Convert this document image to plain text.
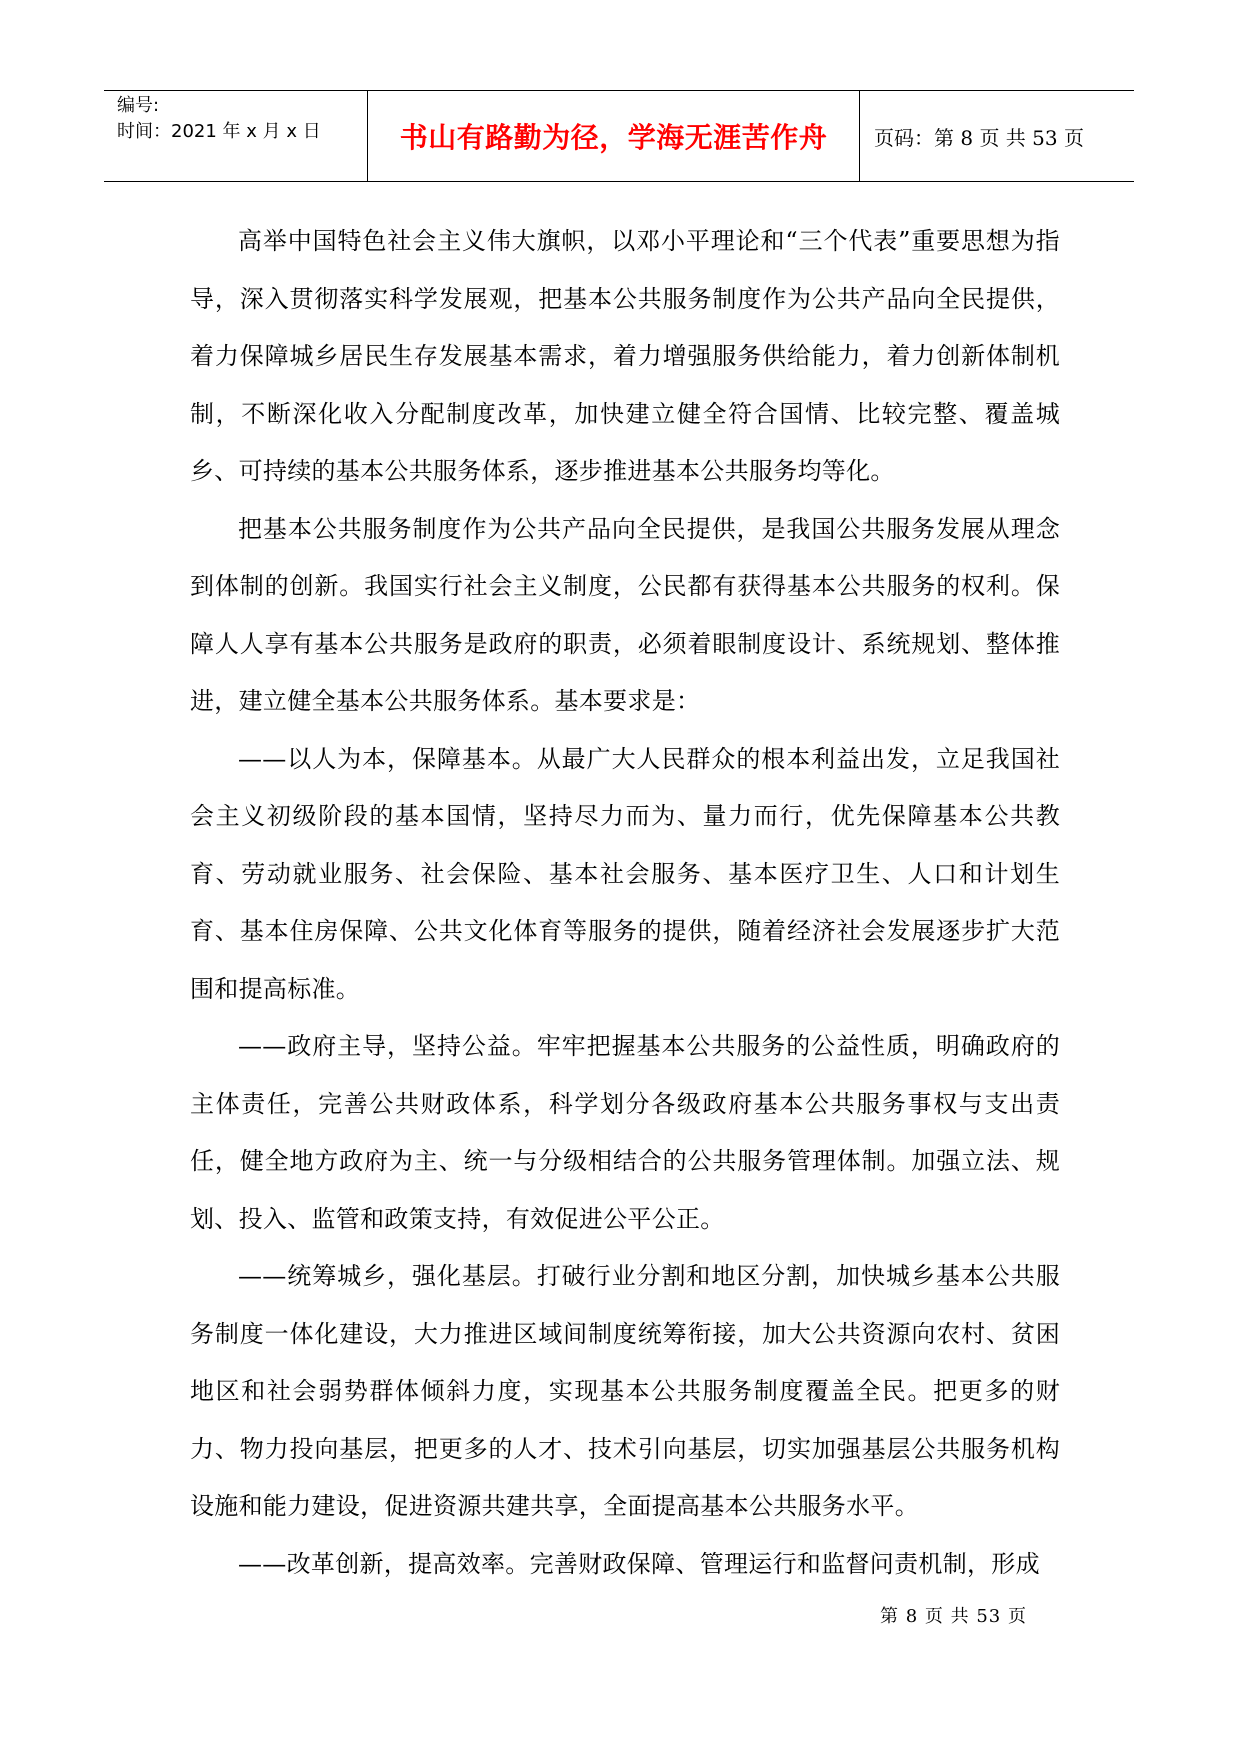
编号:
时间：2021 年 x 月 x 日	书山有路勤为径，学海无涯苦作舟 页码：第 8 页 共 53 页

高举中国特色社会主义伟大旗帜，以邓小平理论和“三个代表”重要思想为指导，深入贯彻落实科学发展观，把基本公共服务制度作为公共产品向全民提供，着力保障城乡居民生存发展基本需求，着力增强服务供给能力，着力创新体制机制，不断深化收入分配制度改革，加快建立健全符合国情、比较完整、覆盖城乡、可持续的基本公共服务体系，逐步推进基本公共服务均等化。

把基本公共服务制度作为公共产品向全民提供，是我国公共服务发展从理念到体制的创新。我国实行社会主义制度，公民都有获得基本公共服务的权利。保障人人享有基本公共服务是政府的职责，必须着眼制度设计、系统规划、整体推进，建立健全基本公共服务体系。基本要求是：

——以人为本，保障基本。从最广大人民群众的根本利益出发，立足我国社会主义初级阶段的基本国情，坚持尽力而为、量力而行，优先保障基本公共教育、劳动就业服务、社会保险、基本社会服务、基本医疗卫生、人口和计划生育、基本住房保障、公共文化体育等服务的提供，随着经济社会发展逐步扩大范围和提高标准。

——政府主导，坚持公益。牢牢把握基本公共服务的公益性质，明确政府的主体责任，完善公共财政体系，科学划分各级政府基本公共服务事权与支出责任，健全地方政府为主、统一与分级相结合的公共服务管理体制。加强立法、规划、投入、监管和政策支持，有效促进公平公正。

——统筹城乡，强化基层。打破行业分割和地区分割，加快城乡基本公共服务制度一体化建设，大力推进区域间制度统筹衔接，加大公共资源向农村、贫困地区和社会弱势群体倾斜力度，实现基本公共服务制度覆盖全民。把更多的财力、物力投向基层，把更多的人才、技术引向基层，切实加强基层公共服务机构设施和能力建设，促进资源共建共享，全面提高基本公共服务水平。

——改革创新，提高效率。完善财政保障、管理运行和监督问责机制，形成

第 8 页 共 53 页
